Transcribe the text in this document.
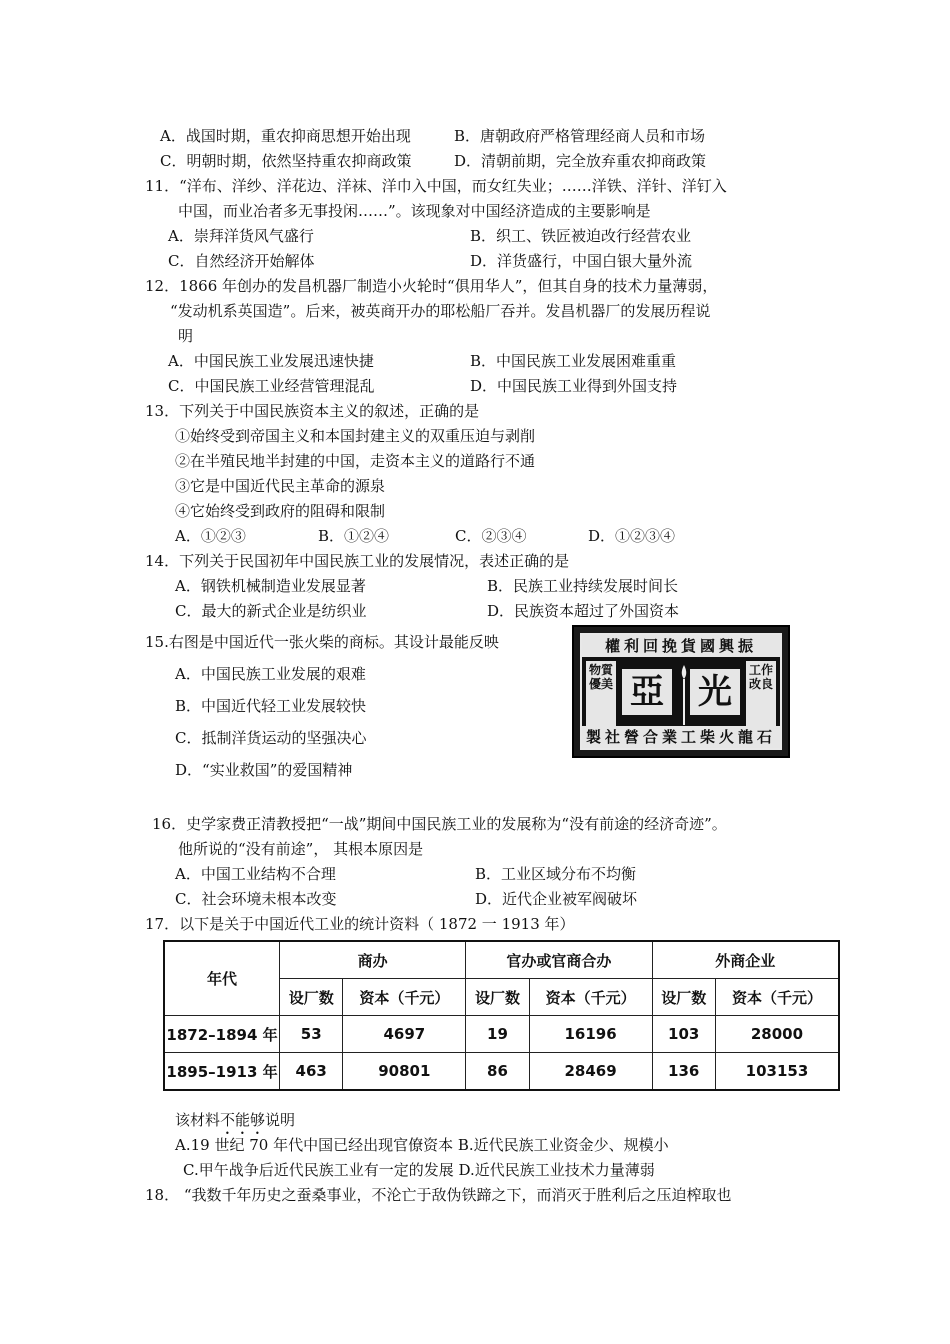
A．战国时期，重农抑商思想开始出现	B．唐朝政府严格管理经商人员和市场
C．明朝时期，依然坚持重农抑商政策	D．清朝前期，完全放弃重农抑商政策
11．“洋布、洋纱、洋花边、洋袜、洋巾入中国，而女红失业；……洋铁、洋针、洋钉入
中国，而业冶者多无事投闲……”。该现象对中国经济造成的主要影响是
A．崇拜洋货风气盛行	B．织工、铁匠被迫改行经营农业
C．自然经济开始解体	D．洋货盛行，中国白银大量外流
12．1866 年创办的发昌机器厂制造小火轮时“俱用华人”，但其自身的技术力量薄弱，
“发动机系英国造”。后来，被英商开办的耶松船厂吞并。发昌机器厂的发展历程说
明
A．中国民族工业发展迅速快捷	B．中国民族工业发展困难重重
C．中国民族工业经营管理混乱	D．中国民族工业得到外国支持
13．下列关于中国民族资本主义的叙述，正确的是
①始终受到帝国主义和本国封建主义的双重压迫与剥削
②在半殖民地半封建的中国，走资本主义的道路行不通
③它是中国近代民主革命的源泉
④它始终受到政府的阻碍和限制
A．①②③	B．①②④	C．②③④	D．①②③④
14．下列关于民国初年中国民族工业的发展情况，表述正确的是
A．钢铁机械制造业发展显著	B．民族工业持续发展时间长
C．最大的新式企业是纺织业	D．民族资本超过了外国资本
15.右图是中国近代一张火柴的商标。其设计最能反映
A．中国民族工业发展的艰难
B．中国近代轻工业发展较快
C．抵制洋货运动的坚强决心
D．“实业救国”的爱国精神
權利回挽貨國興振
物質優美
工作改良
亞 光
製社營合業工柴火龍石
16．史学家费正清教授把“一战”期间中国民族工业的发展称为“没有前途的经济奇迹”。
他所说的“没有前途”， 其根本原因是
A．中国工业结构不合理	B．工业区域分布不均衡
C．社会环境未根本改变	D．近代企业被军阀破坏
17．以下是关于中国近代工业的统计资料（ 1872 一 1913 年）
年代	商办		官办或官商合办		外商企业	
	设厂数	资本（千元）	设厂数	资本（千元）	设厂数	资本（千元）
1872–1894 年	53	4697	19	16196	103	28000
1895–1913 年	463	90801	86	28469	136	103153
该材料不能够说明
A.19 世纪 70 年代中国已经出现官僚资本 B.近代民族工业资金少、规模小
C.甲午战争后近代民族工业有一定的发展 D.近代民族工业技术力量薄弱
18． “我数千年历史之蚕桑事业，不沦亡于敌伪铁蹄之下，而消灭于胜利后之压迫榨取也
